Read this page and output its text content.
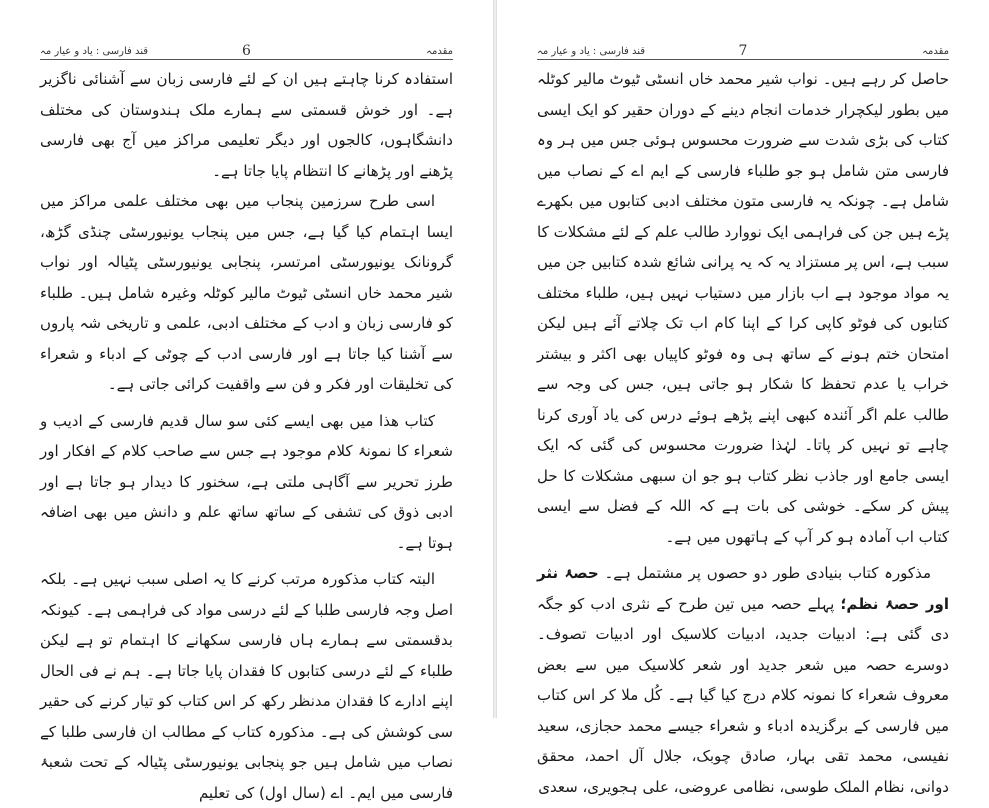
قند فارسی : یاد و عیار مہ	6	مقدمہ

استفادہ کرنا چاہتے ہیں ان کے لئے فارسی زبان سے آشنائی ناگزیر ہے۔ اور خوش قسمتی سے ہمارے ملک ہندوستان کی مختلف دانشگاہوں، کالجوں اور دیگر تعلیمی مراکز میں آج بھی فارسی پڑھنے اور پڑھانے کا انتظام پایا جاتا ہے۔

اسی طرح سرزمین پنجاب میں بھی مختلف علمی مراکز میں ایسا اہتمام کیا گیا ہے، جس میں پنجاب یونیورسٹی چنڈی گڑھ، گرونانک یونیورسٹی امرتسر، پنجابی یونیورسٹی پٹیالہ اور نواب شیر محمد خاں انسٹی ٹیوٹ مالیر کوٹلہ وغیرہ شامل ہیں۔ طلباء کو فارسی زبان و ادب کے مختلف ادبی، علمی و تاریخی شہ پاروں سے آشنا کیا جاتا ہے اور فارسی ادب کے چوٹی کے ادباء و شعراء کی تخلیقات اور فکر و فن سے واقفیت کرائی جاتی ہے۔

کتاب ھذا میں بھی ایسے کئی سو سال قدیم فارسی کے ادیب و شعراء کا نمونۂ کلام موجود ہے جس سے صاحب کلام کے افکار اور طرز تحریر سے آگاہی ملتی ہے، سخنور کا دیدار ہو جاتا ہے اور ادبی ذوق کی تشفی کے ساتھ ساتھ علم و دانش میں بھی اضافہ ہوتا ہے۔

البتہ کتاب مذکورہ مرتب کرنے کا یہ اصلی سبب نہیں ہے۔ بلکہ اصل وجہ فارسی طلبا کے لئے درسی مواد کی فراہمی ہے۔ کیونکہ بدقسمتی سے ہمارے ہاں فارسی سکھانے کا اہتمام تو ہے لیکن طلباء کے لئے درسی کتابوں کا فقدان پایا جاتا ہے۔ ہم نے فی الحال اپنے ادارے کا فقدان مدنظر رکھ کر اس کتاب کو تیار کرنے کی حقیر سی کوشش کی ہے۔ مذکورہ کتاب کے مطالب ان فارسی طلبا کے نصاب میں شامل ہیں جو پنجابی یونیورسٹی پٹیالہ کے تحت شعبۂ فارسی میں ایم۔ اے (سال اول) کی تعلیم

قند فارسی : یاد و عیار مہ	7	مقدمہ

حاصل کر رہے ہیں۔ نواب شیر محمد خاں انسٹی ٹیوٹ مالیر کوٹلہ میں بطور لیکچرار خدمات انجام دینے کے دوران حقیر کو ایک ایسی کتاب کی بڑی شدت سے ضرورت محسوس ہوئی جس میں ہر وہ فارسی متن شامل ہو جو طلباء فارسی کے ایم اے کے نصاب میں شامل ہے۔ چونکہ یہ فارسی متون مختلف ادبی کتابوں میں بکھرے پڑے ہیں جن کی فراہمی ایک نووارد طالب علم کے لئے مشکلات کا سبب ہے، اس پر مستزاد یہ کہ یہ پرانی شائع شدہ کتابیں جن میں یہ مواد موجود ہے اب بازار میں دستیاب نہیں ہیں، طلباء مختلف کتابوں کی فوٹو کاپی کرا کے اپنا کام اب تک چلاتے آئے ہیں لیکن امتحان ختم ہونے کے ساتھ ہی وہ فوٹو کاپیاں بھی اکثر و بیشتر خراب یا عدم تحفظ کا شکار ہو جاتی ہیں، جس کی وجہ سے طالب علم اگر آئندہ کبھی اپنے پڑھے ہوئے درس کی یاد آوری کرنا چاہے تو نہیں کر پاتا۔ لہٰذا ضرورت محسوس کی گئی کہ ایک ایسی جامع اور جاذب نظر کتاب ہو جو ان سبھی مشکلات کا حل پیش کر سکے۔ خوشی کی بات ہے کہ اللہ کے فضل سے ایسی کتاب اب آمادہ ہو کر آپ کے ہاتھوں میں ہے۔

مذکورہ کتاب بنیادی طور دو حصوں پر مشتمل ہے۔ حصۂ نثر اور حصۂ نظم؛ پہلے حصہ میں تین طرح کے نثری ادب کو جگہ دی گئی ہے: ادبیات جدید، ادبیات کلاسیک اور ادبیات تصوف۔ دوسرے حصہ میں شعر جدید اور شعر کلاسیک میں سے بعض معروف شعراء کا نمونہ کلام درج کیا گیا ہے۔ کُل ملا کر اس کتاب میں فارسی کے برگزیدہ ادباء و شعراء جیسے محمد حجازی، سعید نفیسی، محمد تقی بہار، صادق چوبک، جلال آل احمد، محقق دوانی، نظام الملک طوسی، نظامی عروضی، علی ہجویری، سعدی
